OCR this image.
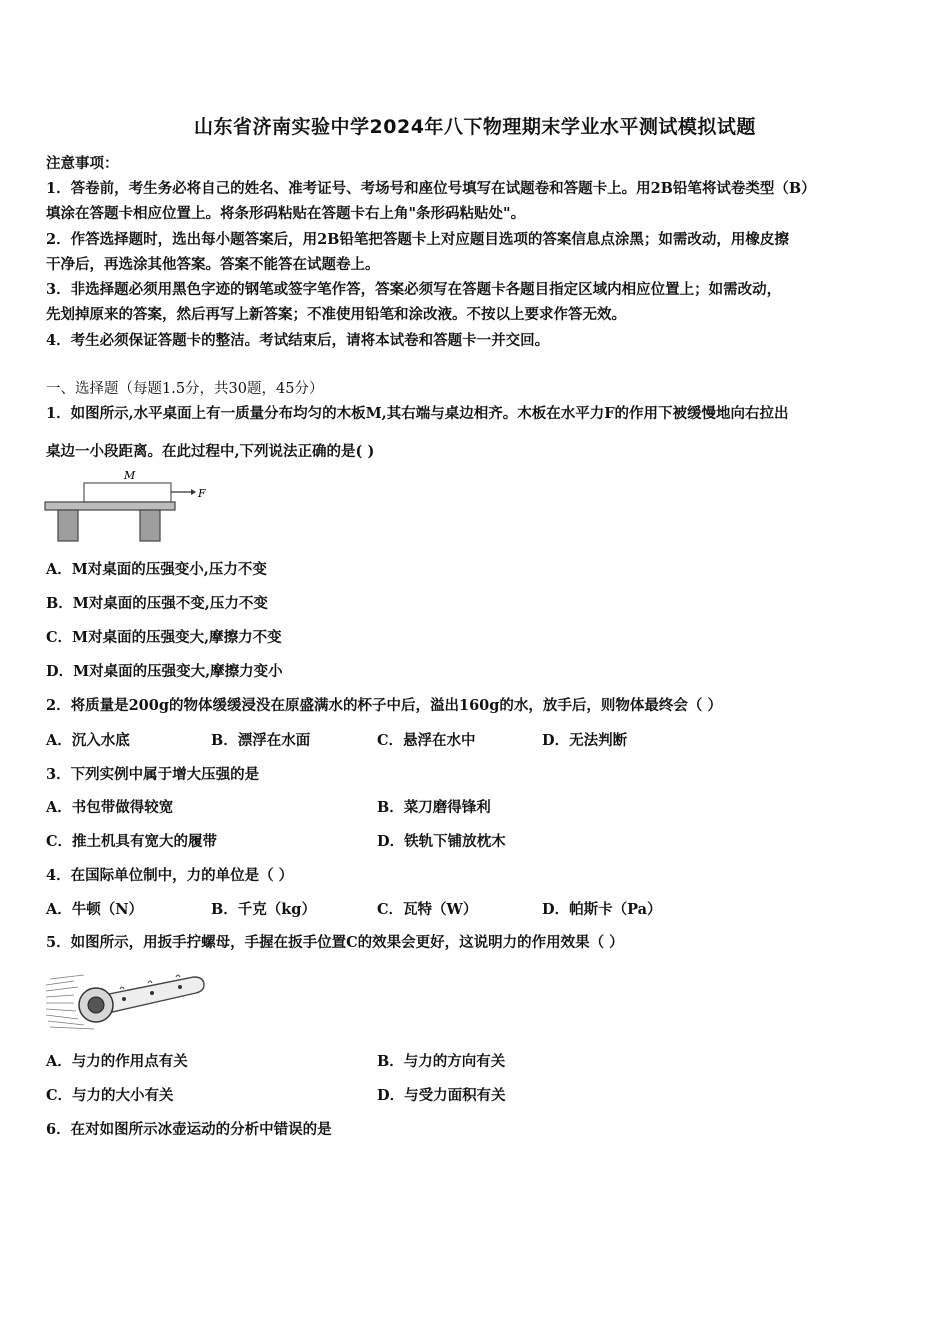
山东省济南实验中学2024年八下物理期末学业水平测试模拟试题
注意事项：
1．答卷前，考生务必将自己的姓名、准考证号、考场号和座位号填写在试题卷和答题卡上。用2B铅笔将试卷类型（B）
填涂在答题卡相应位置上。将条形码粘贴在答题卡右上角"条形码粘贴处"。
2．作答选择题时，选出每小题答案后，用2B铅笔把答题卡上对应题目选项的答案信息点涂黑；如需改动，用橡皮擦
干净后，再选涂其他答案。答案不能答在试题卷上。
3．非选择题必须用黑色字迹的钢笔或签字笔作答，答案必须写在答题卡各题目指定区域内相应位置上；如需改动，
先划掉原来的答案，然后再写上新答案；不准使用铅笔和涂改液。不按以上要求作答无效。
4．考生必须保证答题卡的整洁。考试结束后，请将本试卷和答题卡一并交回。
一、选择题（每题1.5分，共30题，45分）
1．如图所示,水平桌面上有一质量分布均匀的木板M,其右端与桌边相齐。木板在水平力F的作用下被缓慢地向右拉出
桌边一小段距离。在此过程中,下列说法正确的是( )
M
F
A．M对桌面的压强变小,压力不变
B．M对桌面的压强不变,压力不变
C．M对桌面的压强变大,摩擦力不变
D．M对桌面的压强变大,摩擦力变小
2．将质量是200g的物体缓缓浸没在原盛满水的杯子中后，溢出160g的水，放手后，则物体最终会（ ）
A．沉入水底	B．漂浮在水面	C．悬浮在水中	D．无法判断
3．下列实例中属于增大压强的是
A．书包带做得较宽	B．菜刀磨得锋利
C．推土机具有宽大的履带	D．铁轨下铺放枕木
4．在国际单位制中，力的单位是（ ）
A．牛顿（N）	B．千克（kg）	C．瓦特（W）	D．帕斯卡（Pa）
5．如图所示，用扳手拧螺母，手握在扳手位置C的效果会更好，这说明力的作用效果（ ）
A．与力的作用点有关	B．与力的方向有关
C．与力的大小有关	D．与受力面积有关
6．在对如图所示冰壶运动的分析中错误的是
